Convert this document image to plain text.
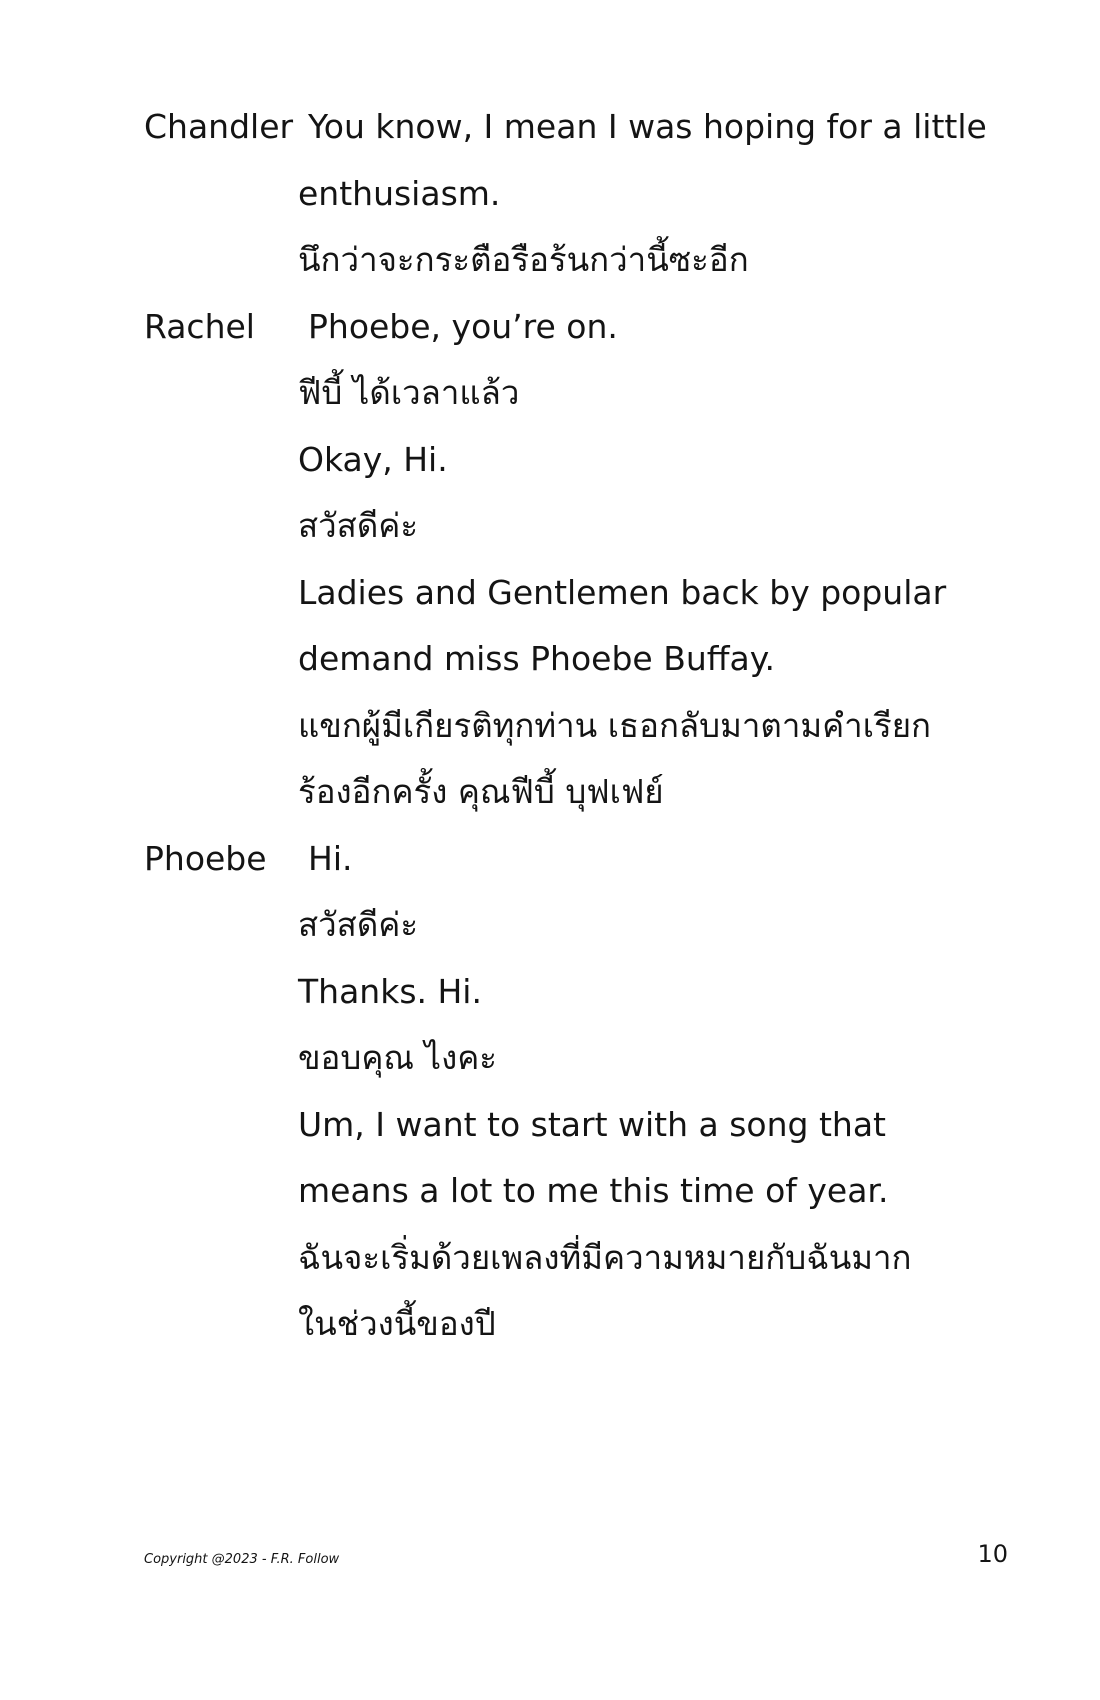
Chandler You know, I mean I was hoping for a little
enthusiasm.
นึกว่าจะกระตือรือร้นกว่านี้ซะอีก
Rachel Phoebe, you’re on.
ฟีบี้ ได้เวลาแล้ว
Okay, Hi.
สวัสดีค่ะ
Ladies and Gentlemen back by popular
demand miss Phoebe Buffay.
แขกผู้มีเกียรติทุกท่าน เธอกลับมาตามคำเรียก
ร้องอีกครั้ง คุณฟีบี้ บุฟเฟย์
Phoebe Hi.
สวัสดีค่ะ
Thanks. Hi.
ขอบคุณ ไงคะ
Um, I want to start with a song that
means a lot to me this time of year.
ฉันจะเริ่มด้วยเพลงที่มีความหมายกับฉันมาก
ในช่วงนี้ของปี
Copyright @2023 - F.R. Follow	10
